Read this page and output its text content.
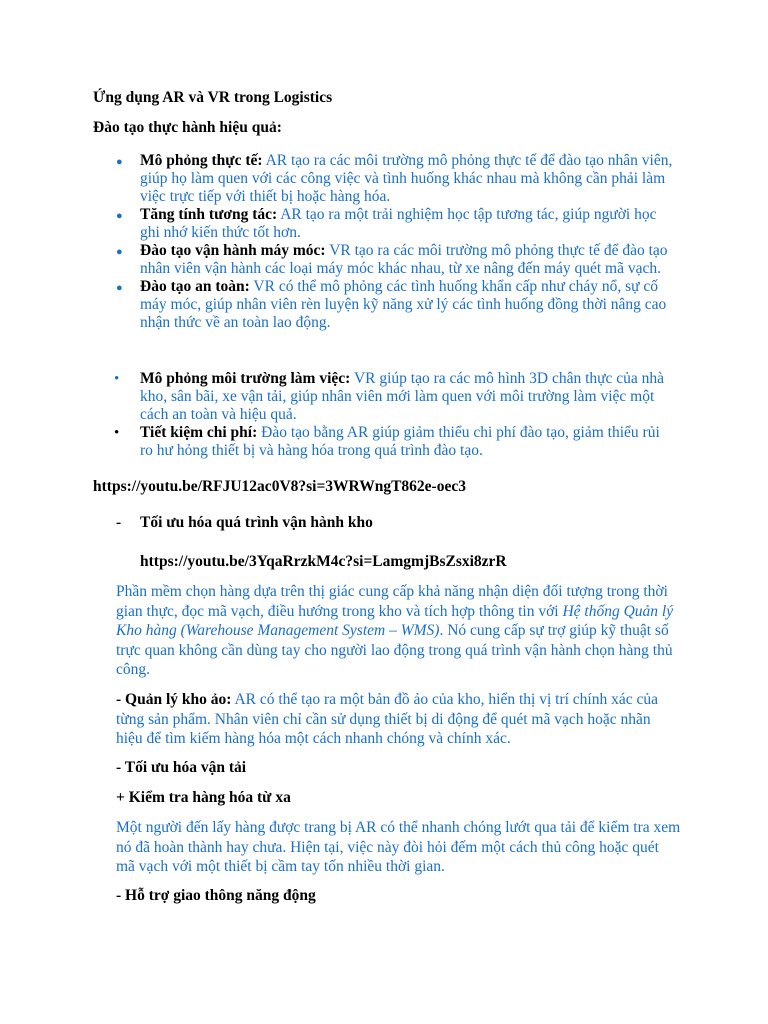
Ứng dụng AR và VR trong Logistics
Đào tạo thực hành hiệu quả:
● Mô phỏng thực tế: AR tạo ra các môi trường mô phỏng thực tế để đào tạo nhân viên, giúp họ làm quen với các công việc và tình huống khác nhau mà không cần phải làm việc trực tiếp với thiết bị hoặc hàng hóa.
● Tăng tính tương tác: AR tạo ra một trải nghiệm học tập tương tác, giúp người học ghi nhớ kiến thức tốt hơn.
● Đào tạo vận hành máy móc: VR tạo ra các môi trường mô phỏng thực tế để đào tạo nhân viên vận hành các loại máy móc khác nhau, từ xe nâng đến máy quét mã vạch.
● Đào tạo an toàn: VR có thể mô phỏng các tình huống khẩn cấp như cháy nổ, sự cố máy móc, giúp nhân viên rèn luyện kỹ năng xử lý các tình huống đồng thời nâng cao nhận thức về an toàn lao động.
• Mô phỏng môi trường làm việc: VR giúp tạo ra các mô hình 3D chân thực của nhà kho, sân bãi, xe vận tải, giúp nhân viên mới làm quen với môi trường làm việc một cách an toàn và hiệu quả.
• Tiết kiệm chi phí: Đào tạo bằng AR giúp giảm thiểu chi phí đào tạo, giảm thiểu rủi ro hư hỏng thiết bị và hàng hóa trong quá trình đào tạo.
https://youtu.be/RFJU12ac0V8?si=3WRWngT862e-oec3
- Tối ưu hóa quá trình vận hành kho
https://youtu.be/3YqaRrzkM4c?si=LamgmjBsZsxi8zrR
Phần mềm chọn hàng dựa trên thị giác cung cấp khả năng nhận diện đối tượng trong thời gian thực, đọc mã vạch, điều hướng trong kho và tích hợp thông tin với Hệ thống Quản lý Kho hàng (Warehouse Management System – WMS). Nó cung cấp sự trợ giúp kỹ thuật số trực quan không cần dùng tay cho người lao động trong quá trình vận hành chọn hàng thủ công.
- Quản lý kho ảo: AR có thể tạo ra một bản đồ ảo của kho, hiển thị vị trí chính xác của từng sản phẩm. Nhân viên chỉ cần sử dụng thiết bị di động để quét mã vạch hoặc nhãn hiệu để tìm kiếm hàng hóa một cách nhanh chóng và chính xác.
- Tối ưu hóa vận tải
+ Kiểm tra hàng hóa từ xa
Một người đến lấy hàng được trang bị AR có thể nhanh chóng lướt qua tải để kiểm tra xem nó đã hoàn thành hay chưa. Hiện tại, việc này đòi hỏi đếm một cách thủ công hoặc quét mã vạch với một thiết bị cầm tay tốn nhiều thời gian.
- Hỗ trợ giao thông năng động
